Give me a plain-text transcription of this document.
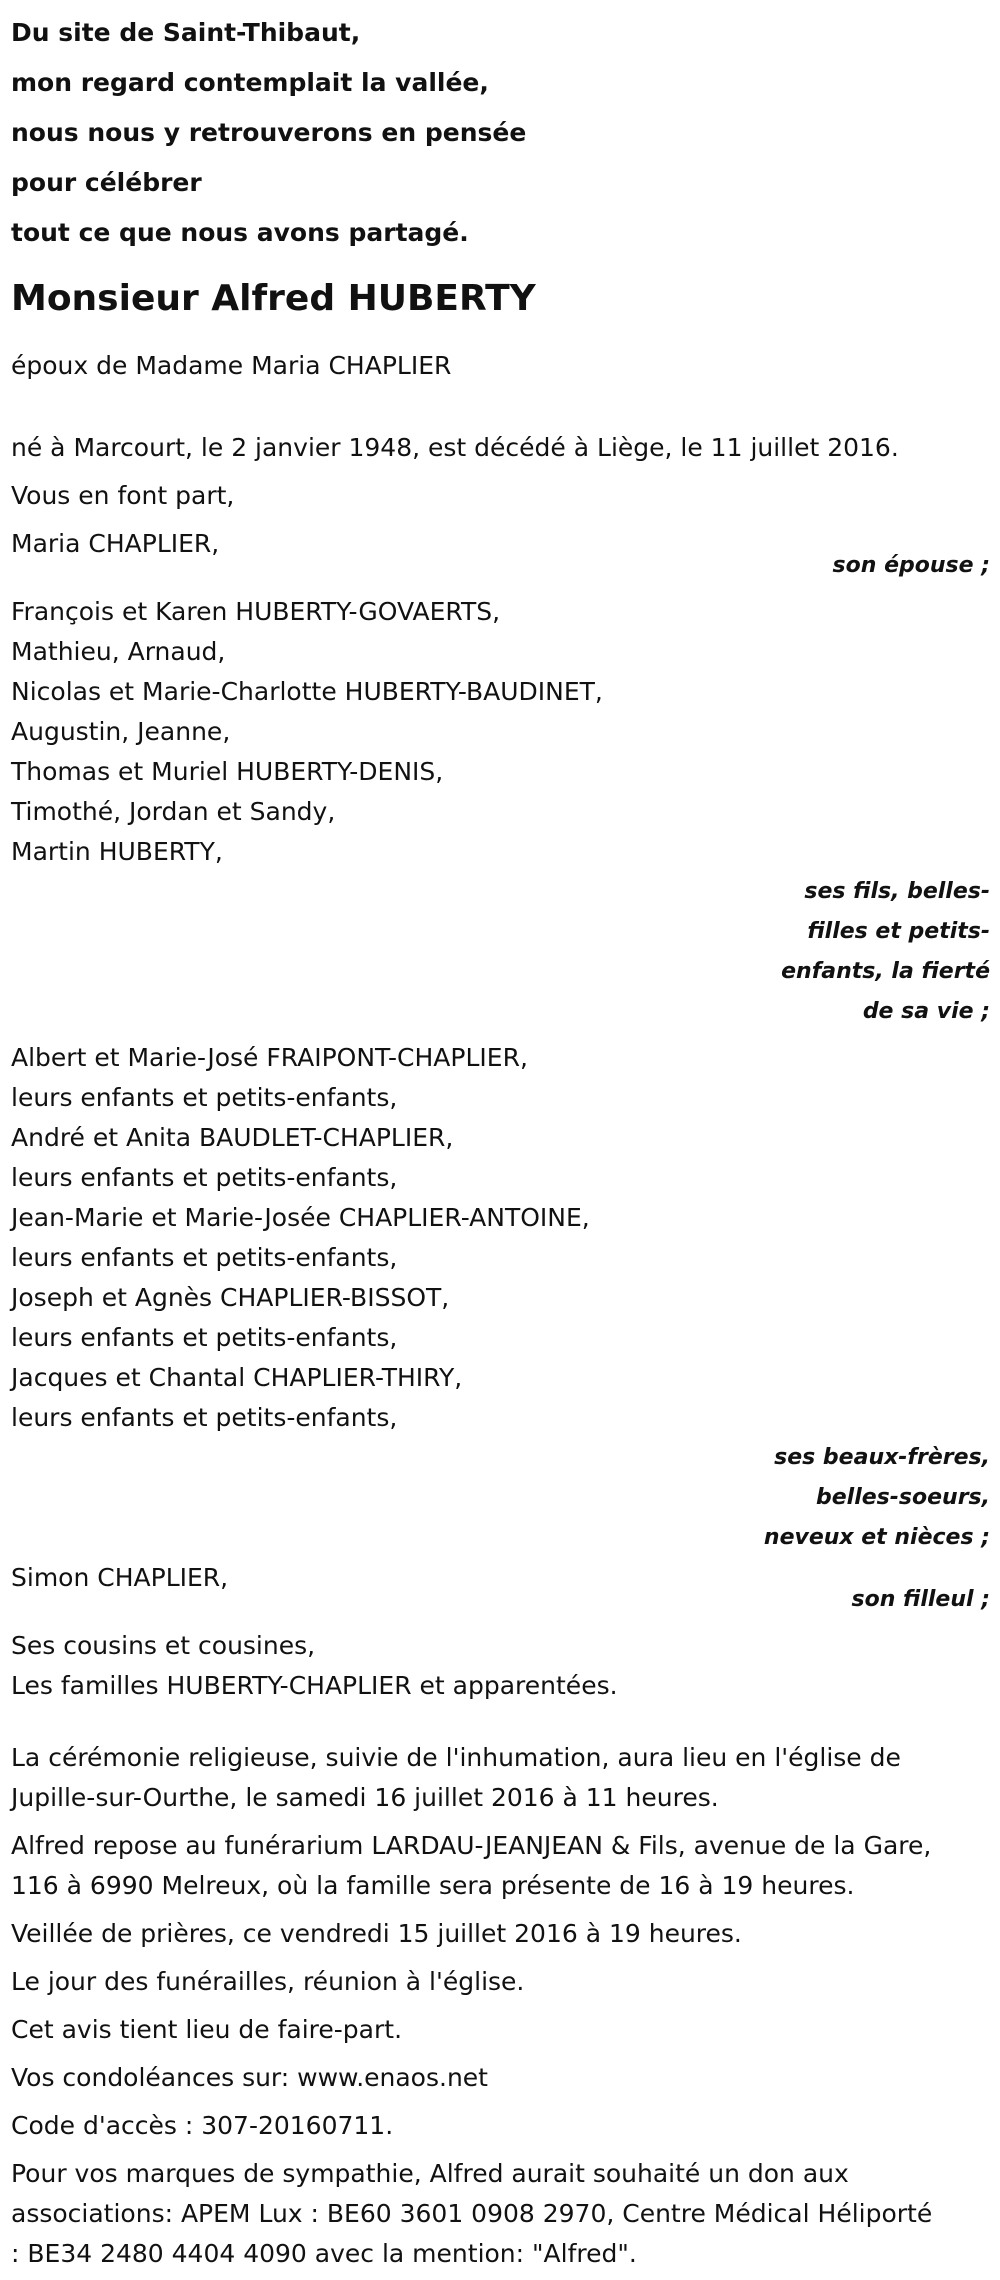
Du site de Saint-Thibaut,
mon regard contemplait la vallée,
nous nous y retrouverons en pensée
pour célébrer
tout ce que nous avons partagé.
Monsieur Alfred HUBERTY
époux de Madame Maria CHAPLIER
né à Marcourt, le 2 janvier 1948, est décédé à Liège, le 11 juillet 2016.
Vous en font part,
Maria CHAPLIER,
son épouse ;
François et Karen HUBERTY-GOVAERTS,
Mathieu, Arnaud,
Nicolas et Marie-Charlotte HUBERTY-BAUDINET,
Augustin, Jeanne,
Thomas et Muriel HUBERTY-DENIS,
Timothé, Jordan et Sandy,
Martin HUBERTY,
ses fils, belles-
filles et petits-
enfants, la fierté
de sa vie ;
Albert et Marie-José FRAIPONT-CHAPLIER,
leurs enfants et petits-enfants,
André et Anita BAUDLET-CHAPLIER,
leurs enfants et petits-enfants,
Jean-Marie et Marie-Josée CHAPLIER-ANTOINE,
leurs enfants et petits-enfants,
Joseph et Agnès CHAPLIER-BISSOT,
leurs enfants et petits-enfants,
Jacques et Chantal CHAPLIER-THIRY,
leurs enfants et petits-enfants,
ses beaux-frères,
belles-soeurs,
neveux et nièces ;
Simon CHAPLIER,
son filleul ;
Ses cousins et cousines,
Les familles HUBERTY-CHAPLIER et apparentées.
La cérémonie religieuse, suivie de l'inhumation, aura lieu en l'église de
Jupille-sur-Ourthe, le samedi 16 juillet 2016 à 11 heures.
Alfred repose au funérarium LARDAU-JEANJEAN & Fils, avenue de la Gare,
116 à 6990 Melreux, où la famille sera présente de 16 à 19 heures.
Veillée de prières, ce vendredi 15 juillet 2016 à 19 heures.
Le jour des funérailles, réunion à l'église.
Cet avis tient lieu de faire-part.
Vos condoléances sur: www.enaos.net
Code d'accès : 307-20160711.
Pour vos marques de sympathie, Alfred aurait souhaité un don aux
associations: APEM Lux : BE60 3601 0908 2970, Centre Médical Héliporté
: BE34 2480 4404 4090 avec la mention: "Alfred".
